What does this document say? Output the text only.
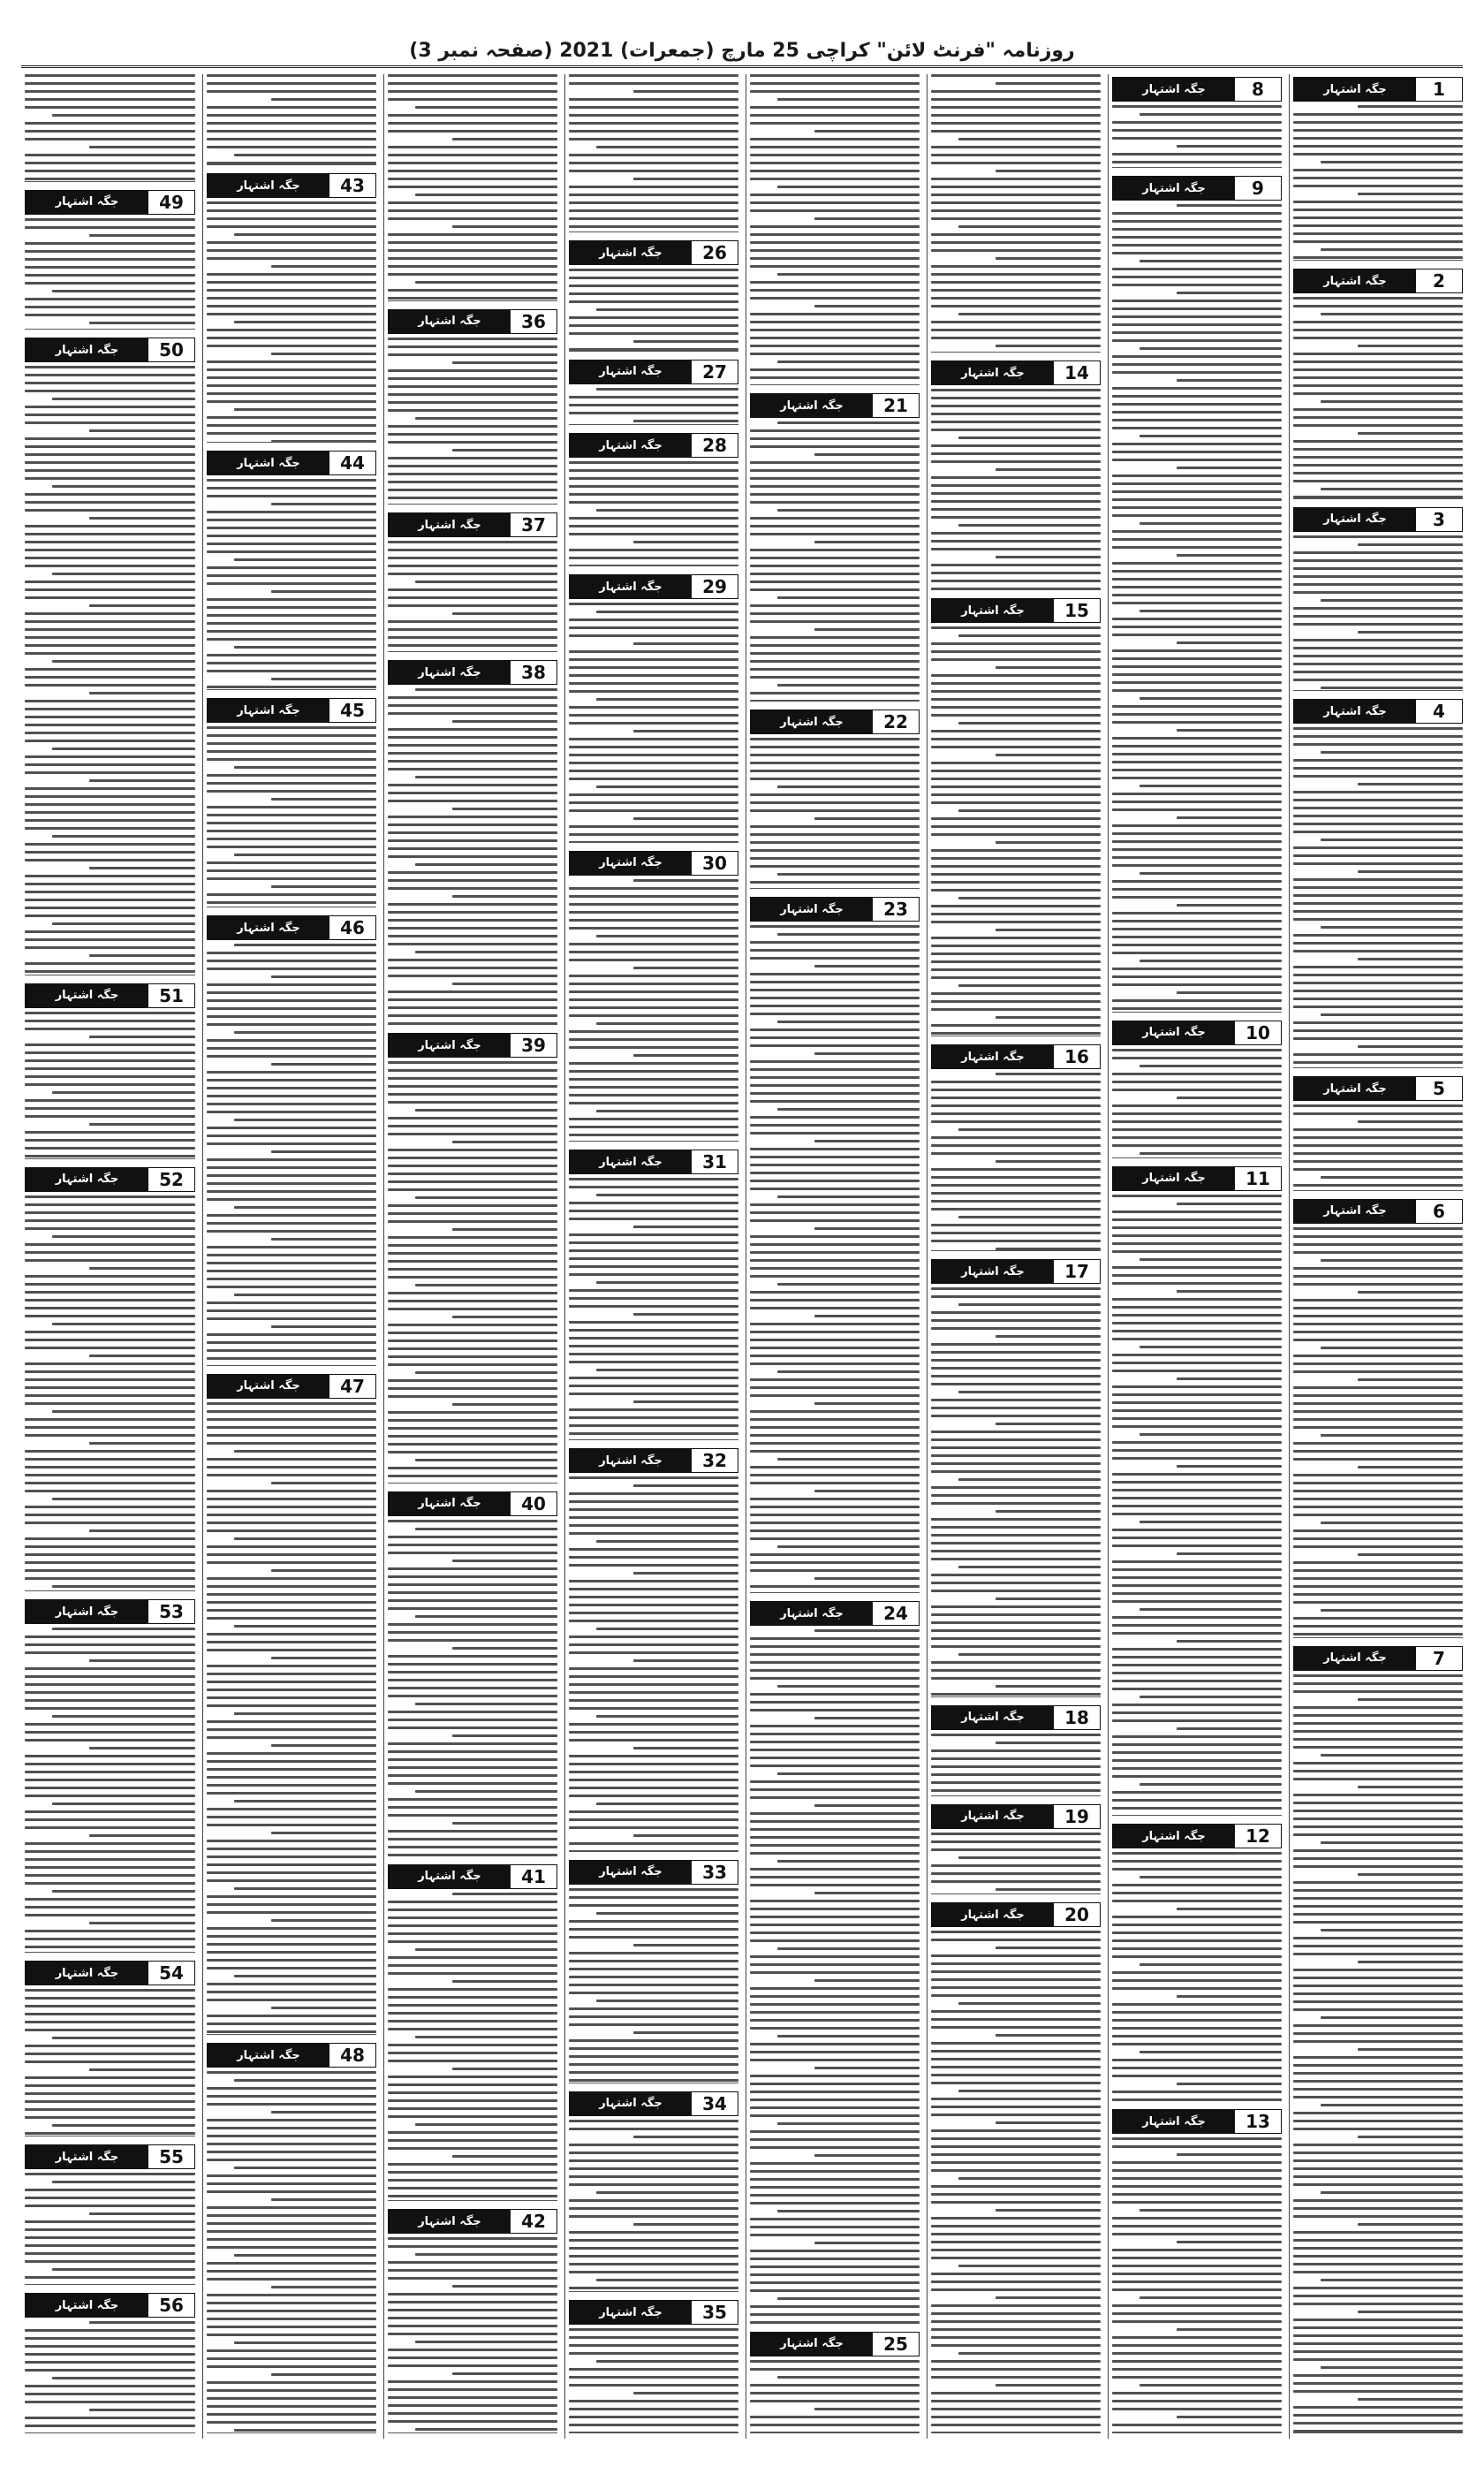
روزنامہ "فرنٹ لائن" کراچی 25 مارچ (جمعرات) 2021 (صفحہ نمبر 3)
1
جگہ اشتہار
2
جگہ اشتہار
3
جگہ اشتہار
4
جگہ اشتہار
5
جگہ اشتہار
6
جگہ اشتہار
7
جگہ اشتہار
8
جگہ اشتہار
9
جگہ اشتہار
10
جگہ اشتہار
11
جگہ اشتہار
12
جگہ اشتہار
13
جگہ اشتہار
14
جگہ اشتہار
15
جگہ اشتہار
16
جگہ اشتہار
17
جگہ اشتہار
18
جگہ اشتہار
19
جگہ اشتہار
20
جگہ اشتہار
21
جگہ اشتہار
22
جگہ اشتہار
23
جگہ اشتہار
24
جگہ اشتہار
25
جگہ اشتہار
26
جگہ اشتہار
27
جگہ اشتہار
28
جگہ اشتہار
29
جگہ اشتہار
30
جگہ اشتہار
31
جگہ اشتہار
32
جگہ اشتہار
33
جگہ اشتہار
34
جگہ اشتہار
35
جگہ اشتہار
36
جگہ اشتہار
37
جگہ اشتہار
38
جگہ اشتہار
39
جگہ اشتہار
40
جگہ اشتہار
41
جگہ اشتہار
42
جگہ اشتہار
43
جگہ اشتہار
44
جگہ اشتہار
45
جگہ اشتہار
46
جگہ اشتہار
47
جگہ اشتہار
48
جگہ اشتہار
49
جگہ اشتہار
50
جگہ اشتہار
51
جگہ اشتہار
52
جگہ اشتہار
53
جگہ اشتہار
54
جگہ اشتہار
55
جگہ اشتہار
56
جگہ اشتہار
